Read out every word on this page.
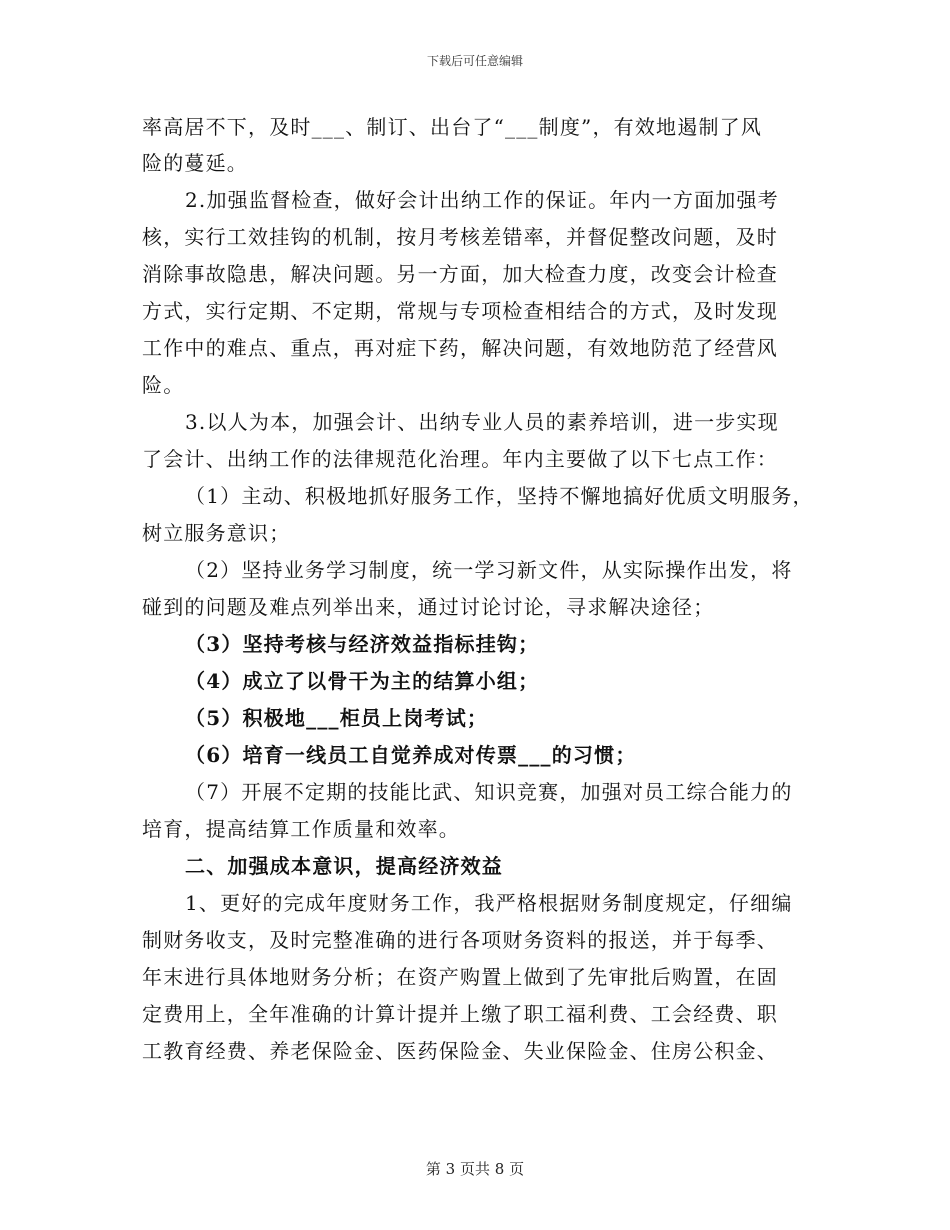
下载后可任意编辑
率高居不下，及时___、制订、出台了“___制度”，有效地遏制了风
险的蔓延。
2.加强监督检查，做好会计出纳工作的保证。年内一方面加强考
核，实行工效挂钩的机制，按月考核差错率，并督促整改问题，及时
消除事故隐患，解决问题。另一方面，加大检查力度，改变会计检查
方式，实行定期、不定期，常规与专项检查相结合的方式，及时发现
工作中的难点、重点，再对症下药，解决问题，有效地防范了经营风
险。
3.以人为本，加强会计、出纳专业人员的素养培训，进一步实现
了会计、出纳工作的法律规范化治理。年内主要做了以下七点工作：
（1）主动、积极地抓好服务工作，坚持不懈地搞好优质文明服务，
树立服务意识；
（2）坚持业务学习制度，统一学习新文件，从实际操作出发，将
碰到的问题及难点列举出来，通过讨论讨论，寻求解决途径；
（3）坚持考核与经济效益指标挂钩；
（4）成立了以骨干为主的结算小组；
（5）积极地___柜员上岗考试；
（6）培育一线员工自觉养成对传票___的习惯；
（7）开展不定期的技能比武、知识竞赛，加强对员工综合能力的
培育，提高结算工作质量和效率。
二、加强成本意识，提高经济效益
1、更好的完成年度财务工作，我严格根据财务制度规定，仔细编
制财务收支，及时完整准确的进行各项财务资料的报送，并于每季、
年末进行具体地财务分析；在资产购置上做到了先审批后购置，在固
定费用上，全年准确的计算计提并上缴了职工福利费、工会经费、职
工教育经费、养老保险金、医药保险金、失业保险金、住房公积金、
第 3 页共 8 页
